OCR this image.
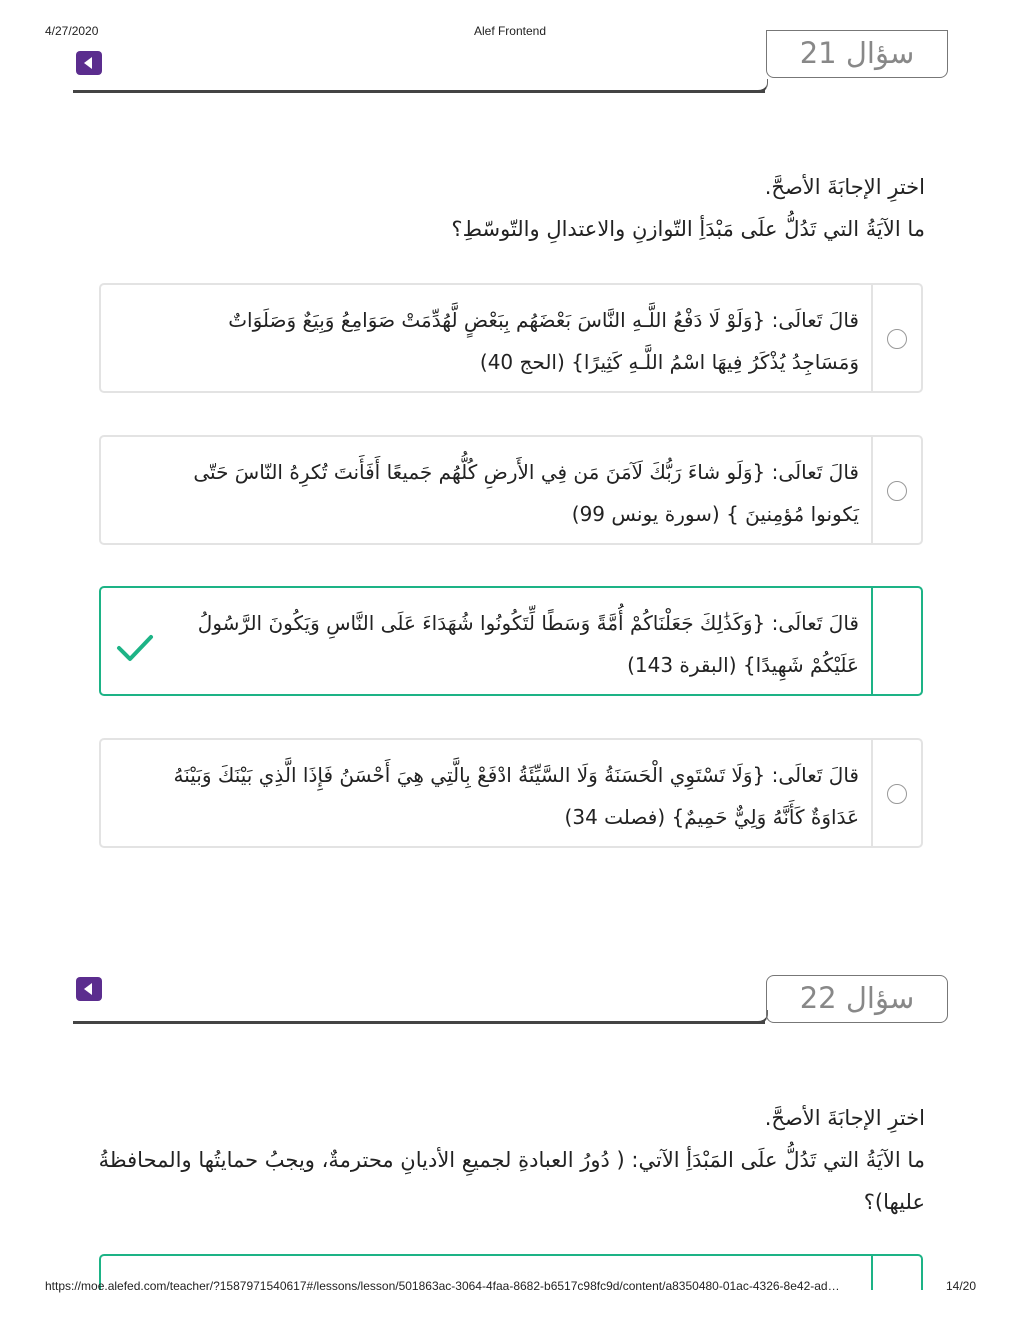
4/27/2020	Alef Frontend
سؤال 21
اخترِ الإجابَةَ الأصحَّ.
ما الآيَةُ التي تَدُلُّ علَى مَبْدَأِ التّوازنِ والاعتدالِ والتّوسّطِ؟
قالَ تَعالَى: {وَلَوْ لَا دَفْعُ اللَّـهِ النَّاسَ بَعْضَهُم بِبَعْضٍ لَّهُدِّمَتْ صَوَامِعُ وَبِيَعٌ وَصَلَوَاتٌ وَمَسَاجِدُ يُذْكَرُ فِيهَا اسْمُ اللَّـهِ كَثِيرًا} (الحج 40)
قالَ تَعالَى: {وَلَو شاءَ رَبُّكَ لَآمَنَ مَن فِي الأَرضِ كُلُّهُم جَميعًا أَفَأَنتَ تُكرِهُ النّاسَ حَتّى يَكونوا مُؤمِنينَ } (سورة يونس 99)
قالَ تَعالَى: {وَكَذَٰلِكَ جَعَلْنَاكُمْ أُمَّةً وَسَطًا لِّتَكُونُوا شُهَدَاءَ عَلَى النَّاسِ وَيَكُونَ الرَّسُولُ عَلَيْكُمْ شَهِيدًا} (البقرة 143)
قالَ تَعالَى: {وَلَا تَسْتَوِي الْحَسَنَةُ وَلَا السَّيِّئَةُ ادْفَعْ بِالَّتِي هِيَ أَحْسَنُ فَإِذَا الَّذِي بَيْنَكَ وَبَيْنَهُ عَدَاوَةٌ كَأَنَّهُ وَلِيٌّ حَمِيمٌ} (فصلت 34)
سؤال 22
اخترِ الإجابَةَ الأصحَّ.
ما الآيَةُ التي تَدُلُّ علَى المَبْدَأِ الآتي: ( دُورُ العبادةِ لجميعِ الأديانِ محترمةٌ، ويجبُ حمايتُها والمحافظةُ عليها)؟
https://moe.alefed.com/teacher/?1587971540617#/lessons/lesson/501863ac-3064-4faa-8682-b6517c98fc9d/content/a8350480-01ac-4326-8e42-ad…	14/20
